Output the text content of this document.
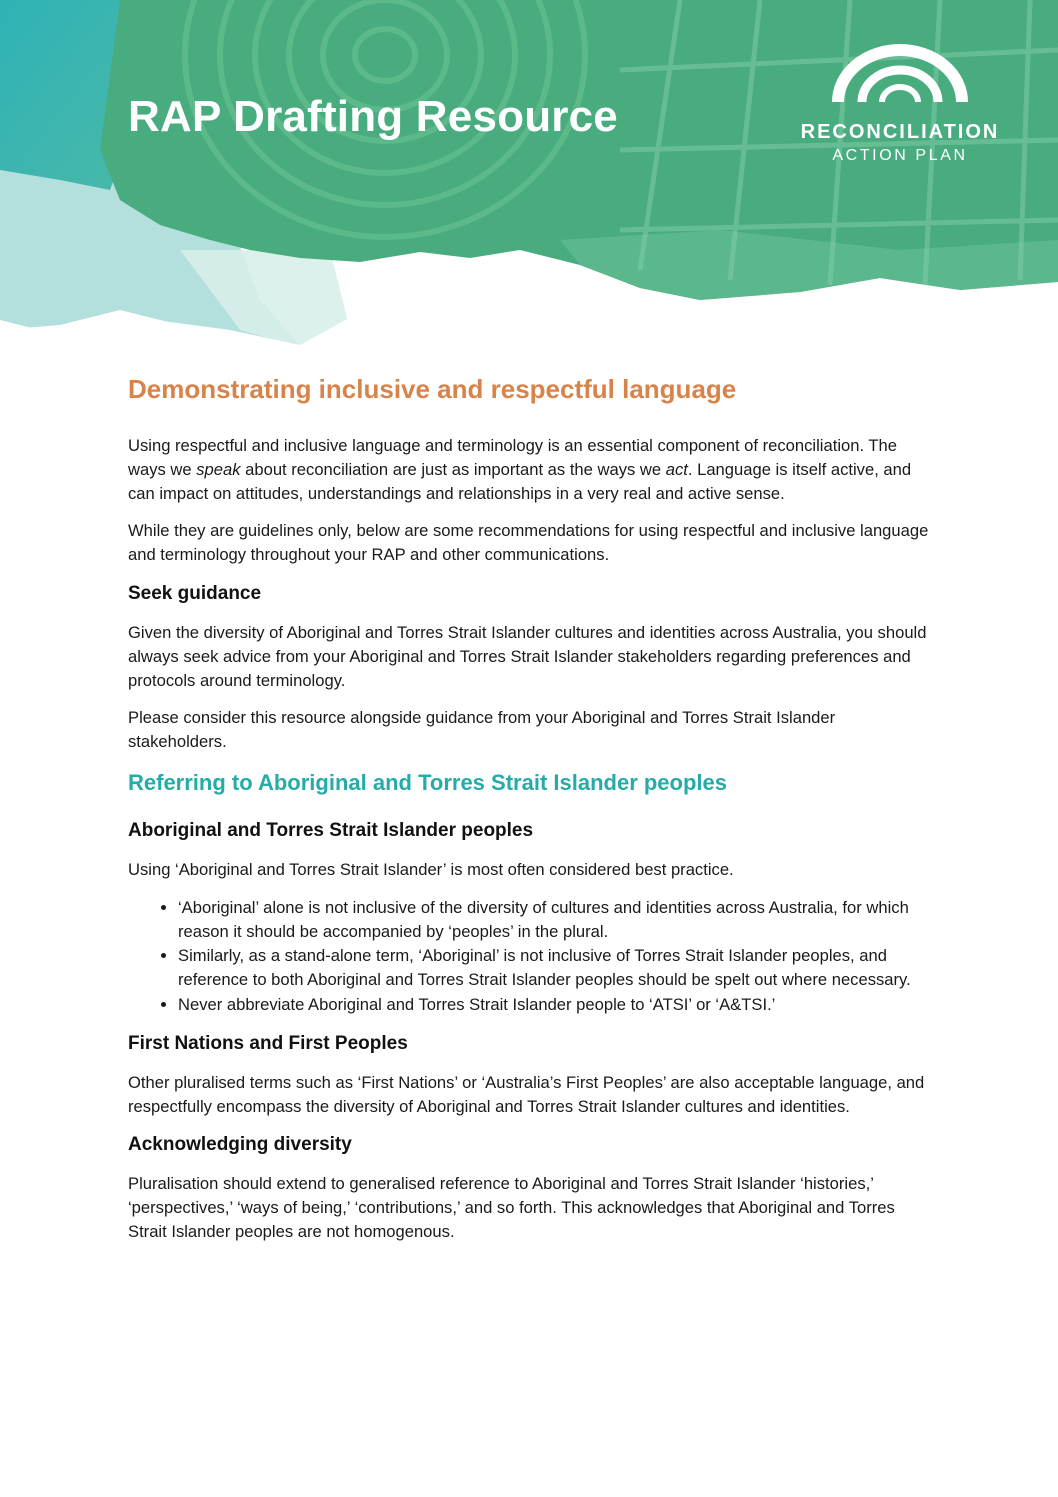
RAP Drafting Resource	RECONCILIATION
ACTION PLAN
Demonstrating inclusive and respectful language

Using respectful and inclusive language and terminology is an essential component of reconciliation. The ways we speak about reconciliation are just as important as the ways we act. Language is itself active, and can impact on attitudes, understandings and relationships in a very real and active sense.

While they are guidelines only, below are some recommendations for using respectful and inclusive language and terminology throughout your RAP and other communications.

Seek guidance

Given the diversity of Aboriginal and Torres Strait Islander cultures and identities across Australia, you should always seek advice from your Aboriginal and Torres Strait Islander stakeholders regarding preferences and protocols around terminology.

Please consider this resource alongside guidance from your Aboriginal and Torres Strait Islander stakeholders.

Referring to Aboriginal and Torres Strait Islander peoples
Aboriginal and Torres Strait Islander peoples

Using ‘Aboriginal and Torres Strait Islander’ is most often considered best practice.

• ‘Aboriginal’ alone is not inclusive of the diversity of cultures and identities across Australia, for which reason it should be accompanied by ‘peoples’ in the plural.
• Similarly, as a stand-alone term, ‘Aboriginal’ is not inclusive of Torres Strait Islander peoples, and reference to both Aboriginal and Torres Strait Islander peoples should be spelt out where necessary.
• Never abbreviate Aboriginal and Torres Strait Islander people to ‘ATSI’ or ‘A&TSI.’
First Nations and First Peoples

Other pluralised terms such as ‘First Nations’ or ‘Australia’s First Peoples’ are also acceptable language, and respectfully encompass the diversity of Aboriginal and Torres Strait Islander cultures and identities.

Acknowledging diversity

Pluralisation should extend to generalised reference to Aboriginal and Torres Strait Islander ‘histories,’ ‘perspectives,’ ‘ways of being,’ ‘contributions,’ and so forth. This acknowledges that Aboriginal and Torres Strait Islander peoples are not homogenous.
